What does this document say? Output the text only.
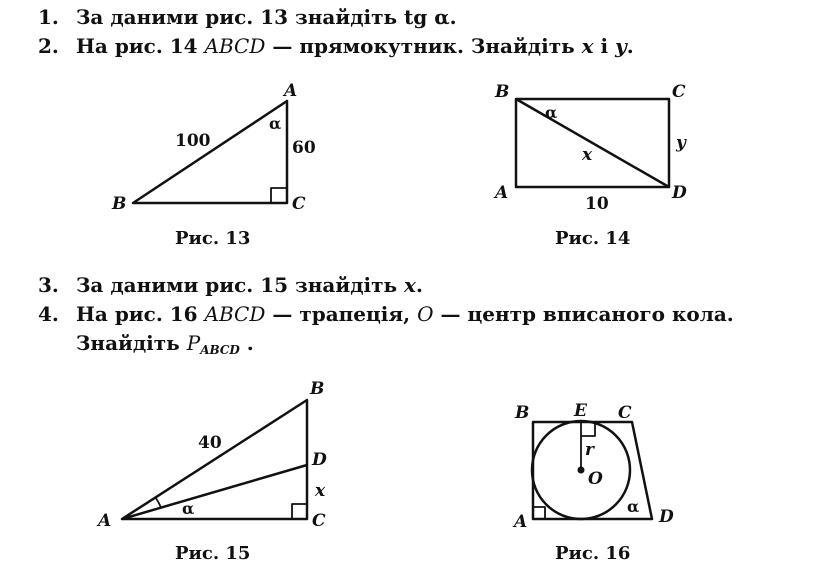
1. За даними рис. 13 знайдіть tg α.
2. На рис. 14 ABCD — прямокутник. Знайдіть x і y.
3. За даними рис. 15 знайдіть x.
4. На рис. 16 ABCD — трапеція, O — центр вписаного кола.
Знайдіть $P_{ABCD}$ .
Рис. 13	Рис. 14
Рис. 15	Рис. 16
A
B	C
100	60
α
B	C
A	D
α
x
y
10
B
D
C
A
40
α
x
B	E C
A	D
O
r
α
